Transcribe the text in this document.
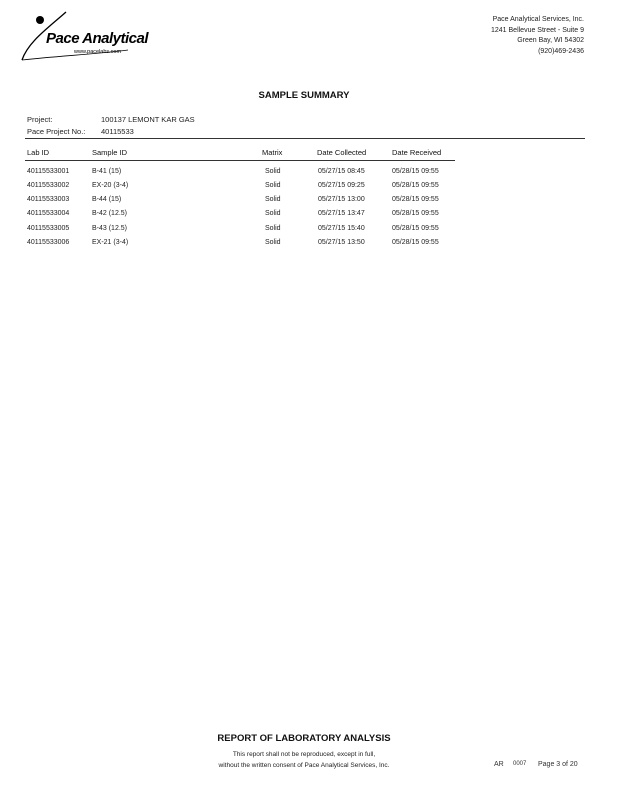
Pace Analytical
www.pacelabs.com
Pace Analytical Services, Inc.
1241 Bellevue Street - Suite 9
Green Bay, WI 54302
(920)469-2436
SAMPLE SUMMARY
Project:	100137 LEMONT KAR GAS
Pace Project No.: 40115533
Lab ID	Sample ID	Matrix	Date Collected	Date Received
40115533001	B-41 (15)	Solid	05/27/15 08:45	05/28/15 09:55
40115533002	EX-20 (3-4)	Solid	05/27/15 09:25	05/28/15 09:55
40115533003	B-44 (15)	Solid	05/27/15 13:00	05/28/15 09:55
40115533004	B-42 (12.5)	Solid	05/27/15 13:47	05/28/15 09:55
40115533005	B-43 (12.5)	Solid	05/27/15 15:40	05/28/15 09:55
40115533006	EX-21 (3-4)	Solid	05/27/15 13:50	05/28/15 09:55
REPORT OF LABORATORY ANALYSIS
This report shall not be reproduced, except in full,
without the written consent of Pace Analytical Services, Inc.	AR 0007 Page 3 of 20
